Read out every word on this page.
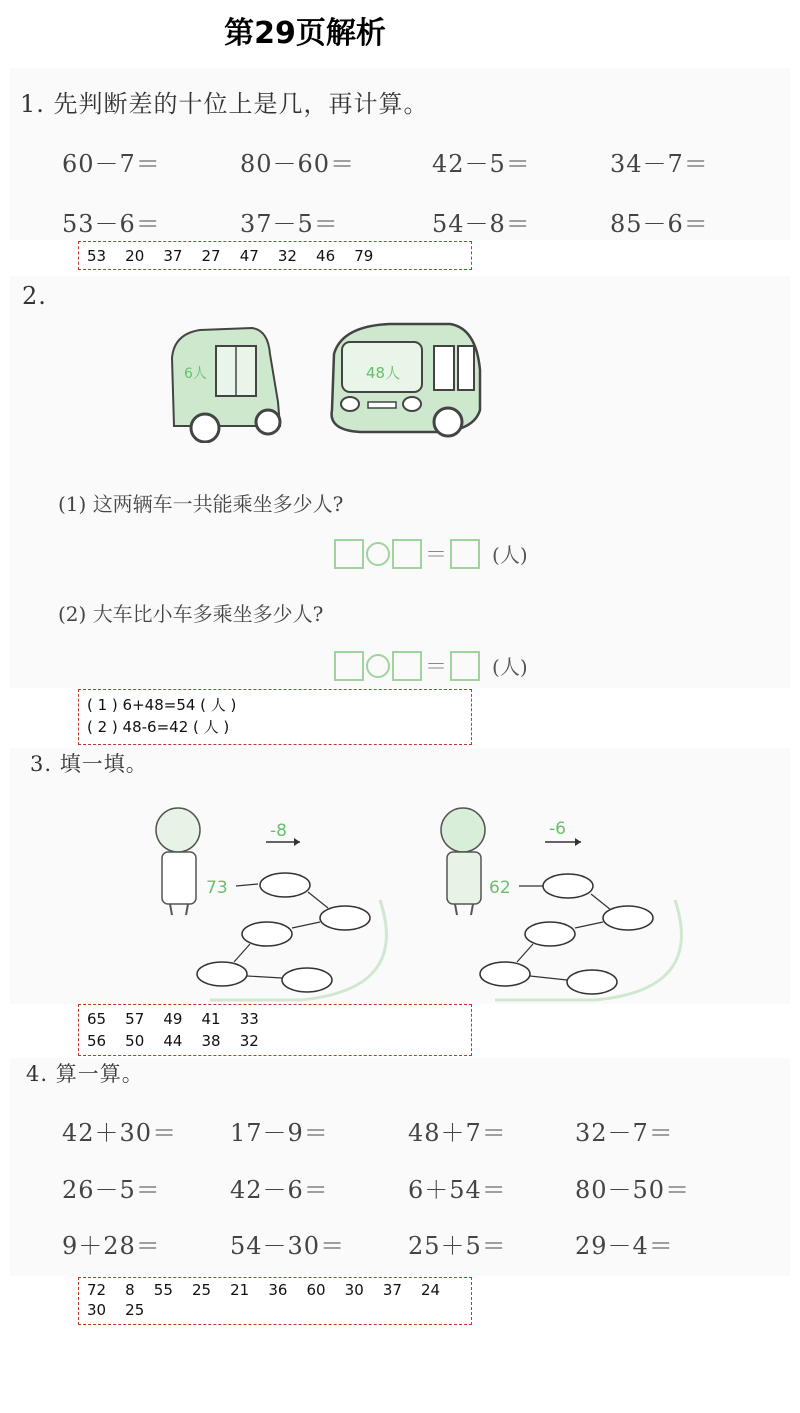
第29页解析
1. 先判断差的十位上是几，再计算。
60－7＝	80－60＝	42－5＝	34－7＝
53－6＝	37－5＝	54－8＝	85－6＝
53 20 37 27 47 32 46 79
2.
6人	48人
(1) 这两辆车一共能乘坐多少人?
＝ (人)
(2) 大车比小车多乘坐多少人?
＝ (人)
( 1 ) 6+48=54 ( 人 )
( 2 ) 48-6=42 ( 人 )
3. 填一填。
-8
73
-6
62
65 57 49 41 33
56 50 44 38 32
4. 算一算。
42＋30＝ 17－9＝	48＋7＝	32－7＝
26－5＝	42－6＝	6＋54＝	80－50＝
9＋28＝	54－30＝	25＋5＝	29－4＝
72 8 55 25 21 36 60 30 37 24
30 25
